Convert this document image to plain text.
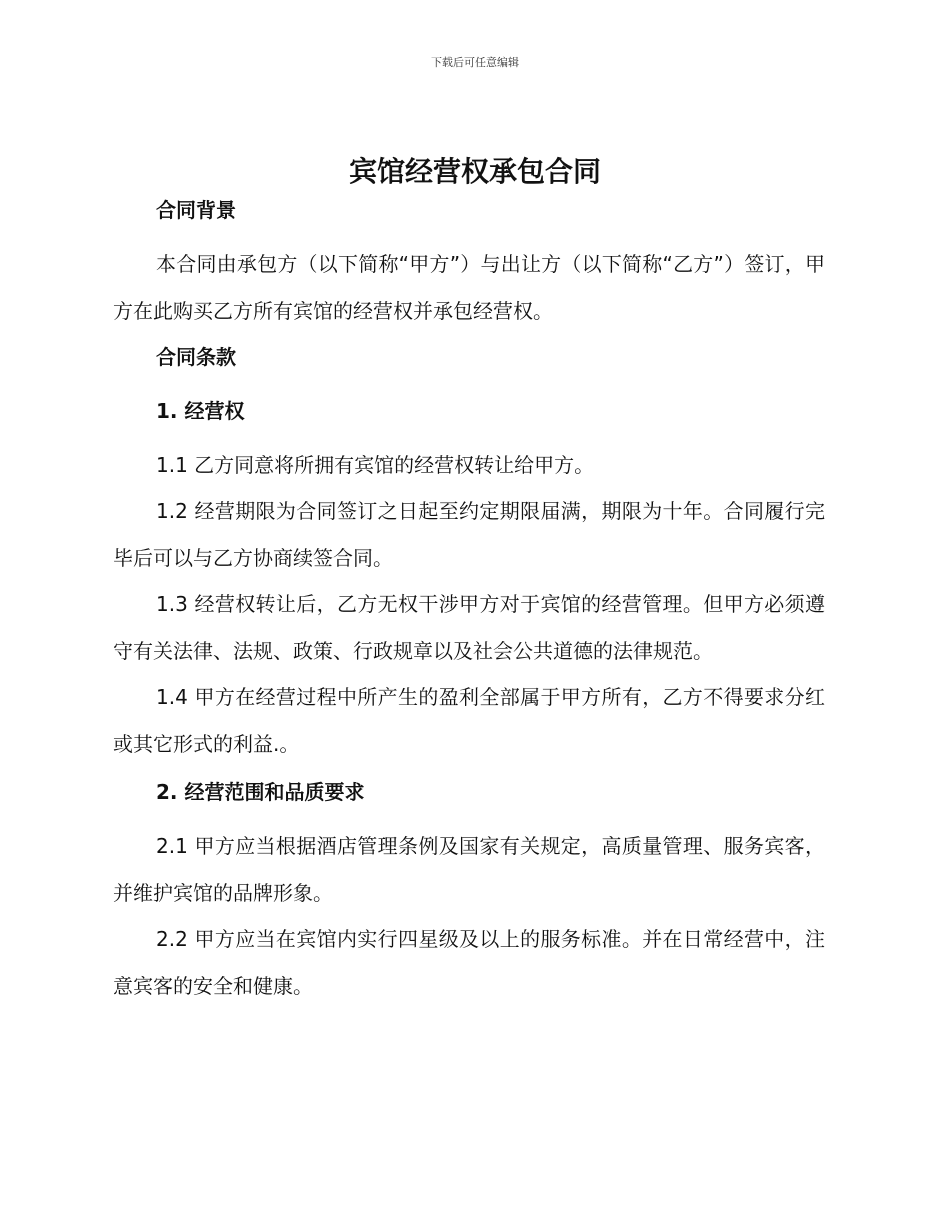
下载后可任意编辑
宾馆经营权承包合同
合同背景

本合同由承包方（以下简称“甲方”）与出让方（以下简称“乙方”）签订，甲方在此购买乙方所有宾馆的经营权并承包经营权。

合同条款
1. 经营权

1.1 乙方同意将所拥有宾馆的经营权转让给甲方。

1.2 经营期限为合同签订之日起至约定期限届满，期限为十年。合同履行完毕后可以与乙方协商续签合同。

1.3 经营权转让后，乙方无权干涉甲方对于宾馆的经营管理。但甲方必须遵守有关法律、法规、政策、行政规章以及社会公共道德的法律规范。

1.4 甲方在经营过程中所产生的盈利全部属于甲方所有，乙方不得要求分红或其它形式的利益.。

2. 经营范围和品质要求

2.1 甲方应当根据酒店管理条例及国家有关规定，高质量管理、服务宾客，并维护宾馆的品牌形象。

2.2 甲方应当在宾馆内实行四星级及以上的服务标准。并在日常经营中，注意宾客的安全和健康。
